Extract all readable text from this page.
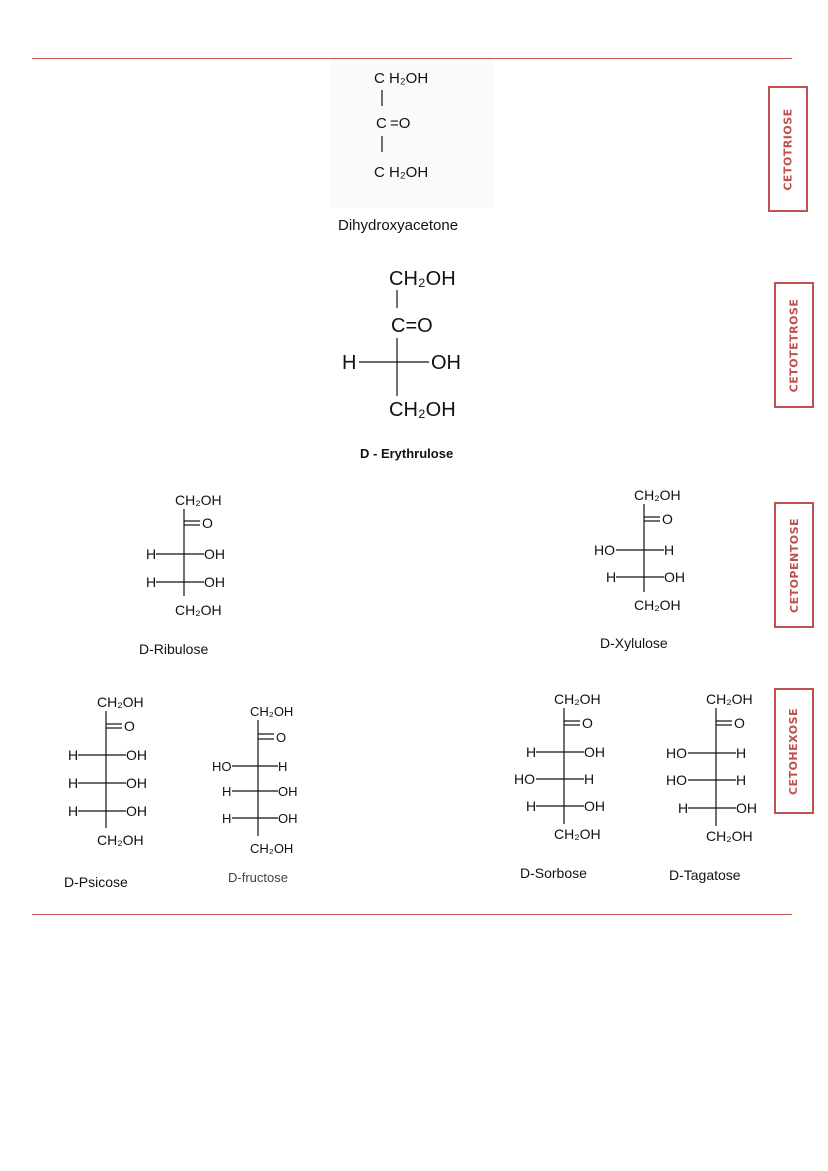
CETOTRIOSE
CETOTETROSE
CETOPENTOSE
CETOHEXOSE
C H₂OH
C =O
C H₂OH
Dihydroxyacetone
CH₂OH
C=O
H	OH
CH₂OH
D - Erythrulose
CH₂OH
O
H	OH
H	OH
CH₂OH
D-Ribulose
CH₂OH
O
HO	H
H	OH
CH₂OH
D-Xylulose
CH₂OH
O
H	OH
H	OH
H	OH
CH₂OH
D-Psicose
CH₂OH
O
HO	H
H	OH
H	OH
CH₂OH
D-fructose
CH₂OH
O
H	OH
HO	H
H	OH
CH₂OH
D-Sorbose
CH₂OH
O
HO	H
HO	H
H	OH
CH₂OH
D-Tagatose
